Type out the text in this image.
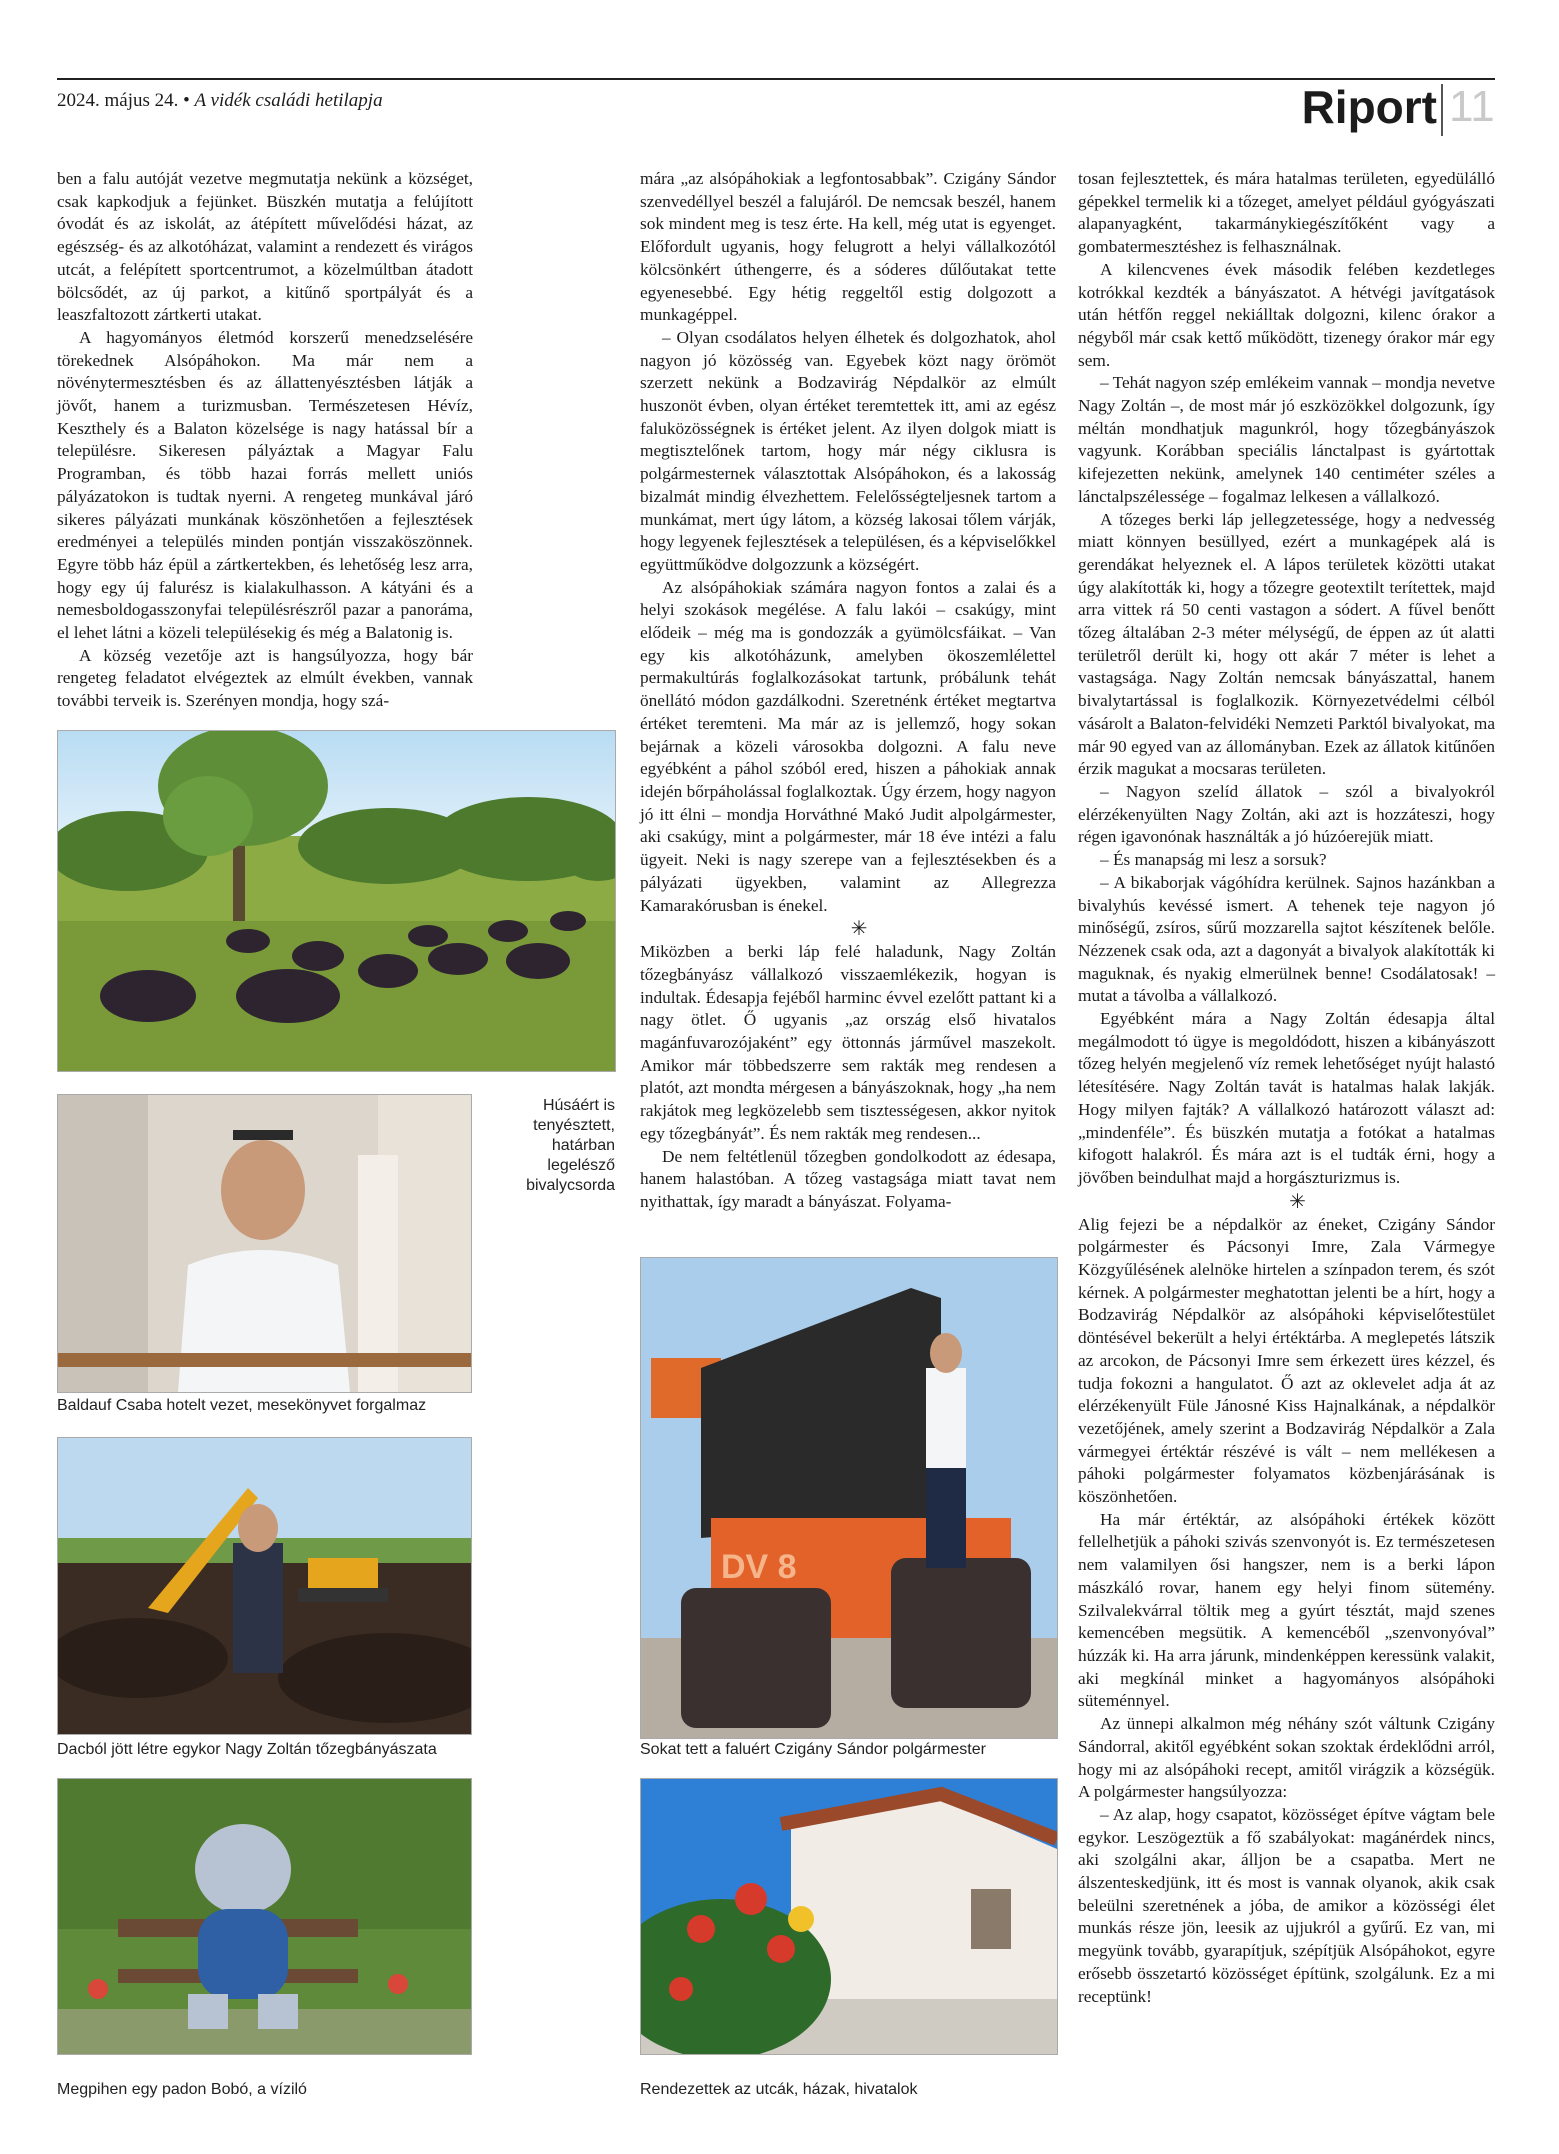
2024. május 24. • A vidék családi hetilapja	Riport 11

ben a falu autóját vezetve megmutatja nekünk a községet, csak kapkodjuk a fejünket. Büszkén mutatja a felújított óvodát és az iskolát, az átépített művelődési házat, az egészség- és az alkotóházat, valamint a rendezett és virágos utcát, a felépített sportcentrumot, a közelmúltban átadott bölcsődét, az új parkot, a kitűnő sportpályát és a leaszfaltozott zártkerti utakat.

A hagyományos életmód korszerű menedzselésére törekednek Alsópáhokon. Ma már nem a növénytermesztésben és az állattenyésztésben látják a jövőt, hanem a turizmusban. Természetesen Hévíz, Keszthely és a Balaton közelsége is nagy hatással bír a településre. Sikeresen pályáztak a Magyar Falu Programban, és több hazai forrás mellett uniós pályázatokon is tudtak nyerni. A rengeteg munkával járó sikeres pályázati munkának köszönhetően a fejlesztések eredményei a település minden pontján visszaköszönnek. Egyre több ház épül a zártkertekben, és lehetőség lesz arra, hogy egy új falurész is kialakulhasson. A kátyáni és a nemesboldogasszonyfai településrészről pazar a panoráma, el lehet látni a közeli településekig és még a Balatonig is.

A község vezetője azt is hangsúlyozza, hogy bár rengeteg feladatot elvégeztek az elmúlt években, vannak további terveik is. Szerényen mondja, hogy szá-

mára „az alsópáhokiak a legfontosabbak”. Czigány Sándor szenvedéllyel beszél a falujáról. De nemcsak beszél, hanem sok mindent meg is tesz érte. Ha kell, még utat is egyenget. Előfordult ugyanis, hogy felugrott a helyi vállalkozótól kölcsönkért úthengerre, és a sóderes dűlőutakat tette egyenesebbé. Egy hétig reggeltől estig dolgozott a munkagéppel.

– Olyan csodálatos helyen élhetek és dolgozhatok, ahol nagyon jó közösség van. Egyebek közt nagy örömöt szerzett nekünk a Bodzavirág Népdalkör az elmúlt huszonöt évben, olyan értéket teremtettek itt, ami az egész faluközösségnek is értéket jelent. Az ilyen dolgok miatt is megtisztelőnek tartom, hogy már négy ciklusra is polgármesternek választottak Alsópáhokon, és a lakosság bizalmát mindig élvezhettem. Felelősségteljesnek tartom a munkámat, mert úgy látom, a község lakosai tőlem várják, hogy legyenek fejlesztések a településen, és a képviselőkkel együttműködve dolgozzunk a községért.

Az alsópáhokiak számára nagyon fontos a zalai és a helyi szokások megélése. A falu lakói – csakúgy, mint elődeik – még ma is gondozzák a gyümölcsfáikat. – Van egy kis alkotóházunk, amelyben ökoszemlélettel permakultúrás foglalkozásokat tartunk, próbálunk tehát önellátó módon gazdálkodni. Szeretnénk értéket megtartva értéket teremteni. Ma már az is jellemző, hogy sokan bejárnak a közeli városokba dolgozni. A falu neve egyébként a páhol szóból ered, hiszen a páhokiak annak idején bőrpáholással foglalkoztak. Úgy érzem, hogy nagyon jó itt élni – mondja Horváthné Makó Judit alpolgármester, aki csakúgy, mint a polgármester, már 18 éve intézi a falu ügyeit. Neki is nagy szerepe van a fejlesztésekben és a pályázati ügyekben, valamint az Allegrezza Kamarakórusban is énekel.

✳

Miközben a berki láp felé haladunk, Nagy Zoltán tőzegbányász vállalkozó visszaemlékezik, hogyan is indultak. Édesapja fejéből harminc évvel ezelőtt pattant ki a nagy ötlet. Ő ugyanis „az ország első hivatalos magánfuvarozójaként” egy öttonnás járművel maszekolt. Amikor már többedszerre sem rakták meg rendesen a platót, azt mondta mérgesen a bányászoknak, hogy „ha nem rakjátok meg legközelebb sem tisztességesen, akkor nyitok egy tőzegbányát”. És nem rakták meg rendesen...

De nem feltétlenül tőzegben gondolkodott az édesapa, hanem halastóban. A tőzeg vastagsága miatt tavat nem nyithattak, így maradt a bányászat. Folyama-

tosan fejlesztettek, és mára hatalmas területen, egyedülálló gépekkel termelik ki a tőzeget, amelyet például gyógyászati alapanyagként, takarmánykiegészítőként vagy a gombatermesztéshez is felhasználnak.

A kilencvenes évek második felében kezdetleges kotrókkal kezdték a bányászatot. A hétvégi javítgatások után hétfőn reggel nekiálltak dolgozni, kilenc órakor a négyből már csak kettő működött, tizenegy órakor már egy sem.

– Tehát nagyon szép emlékeim vannak – mondja nevetve Nagy Zoltán –, de most már jó eszközökkel dolgozunk, így méltán mondhatjuk magunkról, hogy tőzegbányászok vagyunk. Korábban speciális lánctalpast is gyártottak kifejezetten nekünk, amelynek 140 centiméter széles a lánctalpszélessége – fogalmaz lelkesen a vállalkozó.

A tőzeges berki láp jellegzetessége, hogy a nedvesség miatt könnyen besüllyed, ezért a munkagépek alá is gerendákat helyeznek el. A lápos területek közötti utakat úgy alakították ki, hogy a tőzegre geotextilt terítettek, majd arra vittek rá 50 centi vastagon a sódert. A fűvel benőtt tőzeg általában 2-3 méter mélységű, de éppen az út alatti területről derült ki, hogy ott akár 7 méter is lehet a vastagsága. Nagy Zoltán nemcsak bányászattal, hanem bivalytartással is foglalkozik. Környezetvédelmi célból vásárolt a Balaton-felvidéki Nemzeti Parktól bivalyokat, ma már 90 egyed van az állományban. Ezek az állatok kitűnően érzik magukat a mocsaras területen.

– Nagyon szelíd állatok – szól a bivalyokról elérzékenyülten Nagy Zoltán, aki azt is hozzáteszi, hogy régen igavonónak használták a jó húzóerejük miatt.

– És manapság mi lesz a sorsuk?

– A bikaborjak vágóhídra kerülnek. Sajnos hazánkban a bivalyhús kevéssé ismert. A tehenek teje nagyon jó minőségű, zsíros, sűrű mozzarella sajtot készítenek belőle. Nézzenek csak oda, azt a dagonyát a bivalyok alakították ki maguknak, és nyakig elmerülnek benne! Csodálatosak! – mutat a távolba a vállalkozó.

Egyébként mára a Nagy Zoltán édesapja által megálmodott tó ügye is megoldódott, hiszen a kibányászott tőzeg helyén megjelenő víz remek lehetőséget nyújt halastó létesítésére. Nagy Zoltán tavát is hatalmas halak lakják. Hogy milyen fajták? A vállalkozó határozott választ ad: „mindenféle”. És büszkén mutatja a fotókat a hatalmas kifogott halakról. És mára azt is el tudták érni, hogy a jövőben beindulhat majd a horgászturizmus is.

✳

Alig fejezi be a népdalkör az éneket, Czigány Sándor polgármester és Pácsonyi Imre, Zala Vármegye Közgyűlésének alelnöke hirtelen a színpadon terem, és szót kérnek. A polgármester meghatottan jelenti be a hírt, hogy a Bodzavirág Népdalkör az alsópáhoki képviselőtestület döntésével bekerült a helyi értéktárba. A meglepetés látszik az arcokon, de Pácsonyi Imre sem érkezett üres kézzel, és tudja fokozni a hangulatot. Ő azt az oklevelet adja át az elérzékenyült Füle Jánosné Kiss Hajnalkának, a népdalkör vezetőjének, amely szerint a Bodzavirág Népdalkör a Zala vármegyei értéktár részévé is vált – nem mellékesen a páhoki polgármester folyamatos közbenjárásának is köszönhetően.

Ha már értéktár, az alsópáhoki értékek között fellelhetjük a páhoki szivás szenvonyót is. Ez természetesen nem valamilyen ősi hangszer, nem is a berki lápon mászkáló rovar, hanem egy helyi finom sütemény. Szilvalekvárral töltik meg a gyúrt tésztát, majd szenes kemencében megsütik. A kemencéből „szenvonyóval” húzzák ki. Ha arra járunk, mindenképpen keressünk valakit, aki megkínál minket a hagyományos alsópáhoki süteménnyel.

Az ünnepi alkalmon még néhány szót váltunk Czigány Sándorral, akitől egyébként sokan szoktak érdeklődni arról, hogy mi az alsópáhoki recept, amitől virágzik a községük. A polgármester hangsúlyozza:

– Az alap, hogy csapatot, közösséget építve vágtam bele egykor. Leszögeztük a fő szabályokat: magánérdek nincs, aki szolgálni akar, álljon be a csapatba. Mert ne álszenteskedjünk, itt és most is vannak olyanok, akik csak beleülni szeretnének a jóba, de amikor a közösségi élet munkás része jön, leesik az ujjukról a gyűrű. Ez van, mi megyünk tovább, gyarapítjuk, szépítjük Alsópáhokot, egyre erősebb összetartó közösséget építünk, szolgálunk. Ez a mi receptünk!

Húsáért is tenyésztett, határban legelésző bivalycsorda
Baldauf Csaba hotelt vezet, mesekönyvet forgalmaz
Dacból jött létre egykor Nagy Zoltán tőzegbányászata
Megpihen egy padon Bobó, a víziló
DV 8
Sokat tett a faluért Czigány Sándor polgármester
Rendezettek az utcák, házak, hivatalok
